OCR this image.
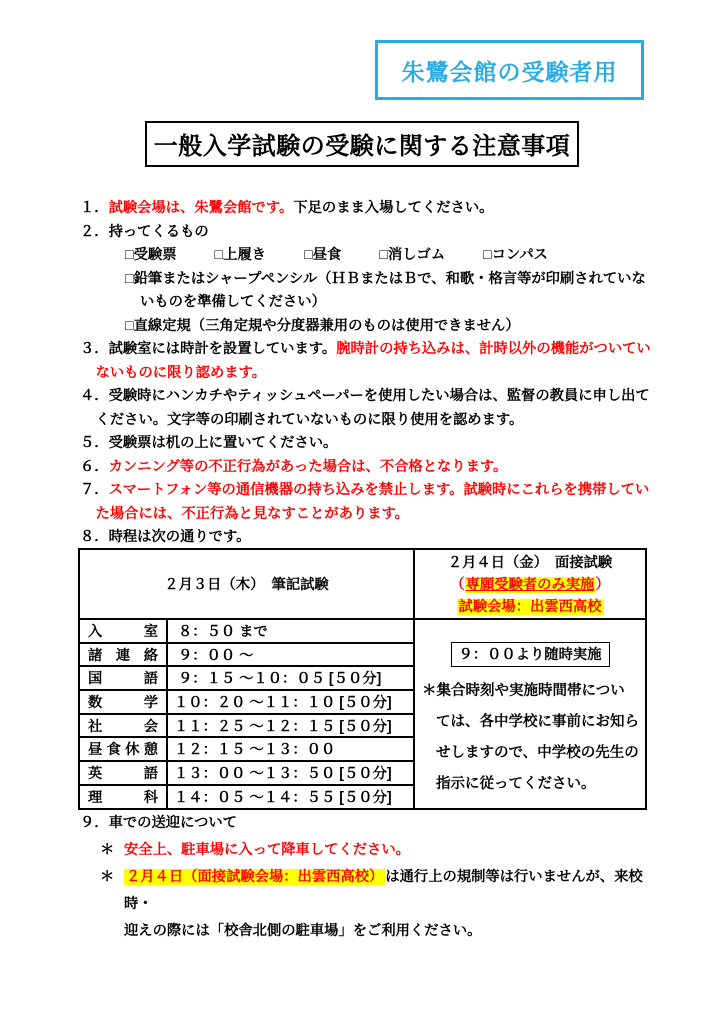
朱鷺会館の受験者用
一般入学試験の受験に関する注意事項
１． 試験会場は、朱鷺会館です。下足のまま入場してください。
２． 持ってくるもの
□受験票	□上履き	□昼食	□消しゴム	□コンパス
□鉛筆またはシャープペンシル（ＨＢまたはＢで、和歌・格言等が印刷されていな
いものを準備してください）
□直線定規（三角定規や分度器兼用のものは使用できません）
３． 試験室には時計を設置しています。腕時計の持ち込みは、計時以外の機能がついてい
ないものに限り認めます。
４． 受験時にハンカチやティッシュペーパーを使用したい場合は、監督の教員に申し出て
ください。文字等の印刷されていないものに限り使用を認めます。
５． 受験票は机の上に置いてください。
６． カンニング等の不正行為があった場合は、不合格となります。
７． スマートフォン等の通信機器の持ち込みを禁止します。試験時にこれらを携帯してい
た場合には、不正行為と見なすことがあります。
８． 時程は次の通りです。
２月３日（木）　筆記試験		２月４日（金）　面接試験
（専願受験者のみ実施）
試験会場：出雲西高校

入室	８：５０ まで	９：００より随時実施
＊集合時刻や実施時間帯につい
ては、各中学校に事前にお知ら
せしますので、中学校の先生の
指示に従ってください。

諸連絡	９：００ ～	
国語	９：１５ ～１０：０５ [５０分]	
数学	１０：２０ ～１１：１０ [５０分]	
社会	１１：２５ ～１２：１５ [５０分]	
昼食休憩	１２：１５ ～１３：００	
英語	１３：００ ～１３：５０ [５０分]	
理科	１４：０５ ～１４：５５ [５０分]	
９． 車での送迎について
＊ 安全上、駐車場に入って降車してください。
＊ ２月４日（面接試験会場：出雲西高校） は通行上の規制等は行いませんが、来校時・
迎えの際には「校舎北側の駐車場」をご利用ください。
